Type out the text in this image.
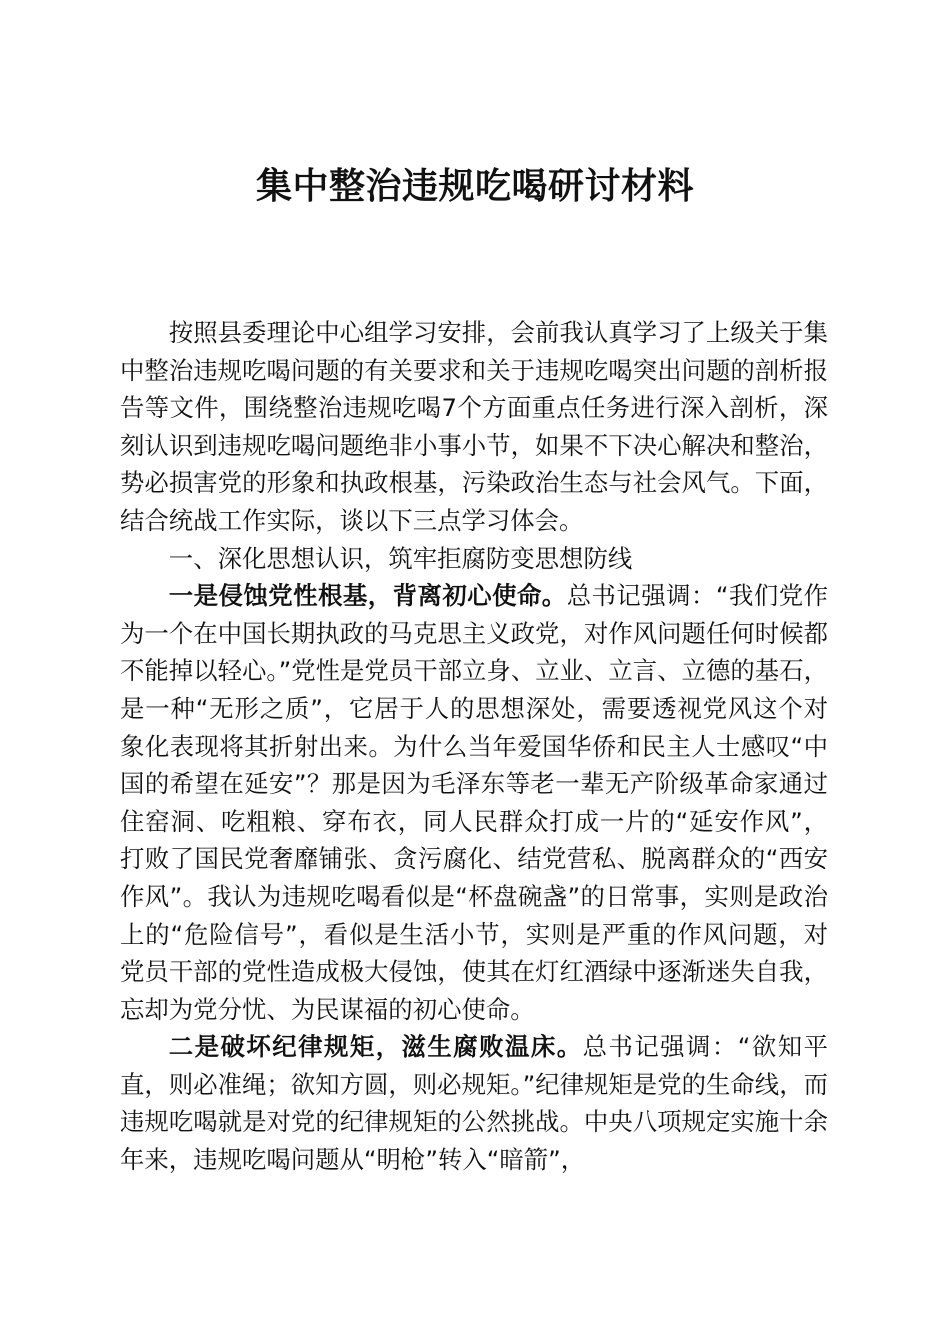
集中整治违规吃喝研讨材料

按照县委理论中心组学习安排，会前我认真学习了上级关于集中整治违规吃喝问题的有关要求和关于违规吃喝突出问题的剖析报告等文件，围绕整治违规吃喝7个方面重点任务进行深入剖析，深刻认识到违规吃喝问题绝非小事小节，如果不下决心解决和整治，势必损害党的形象和执政根基，污染政治生态与社会风气。下面，结合统战工作实际，谈以下三点学习体会。

一、深化思想认识，筑牢拒腐防变思想防线

一是侵蚀党性根基，背离初心使命。总书记强调：“我们党作为一个在中国长期执政的马克思主义政党，对作风问题任何时候都不能掉以轻心。”党性是党员干部立身、立业、立言、立德的基石，是一种“无形之质”，它居于人的思想深处，需要透视党风这个对象化表现将其折射出来。为什么当年爱国华侨和民主人士感叹“中国的希望在延安”？那是因为毛泽东等老一辈无产阶级革命家通过住窑洞、吃粗粮、穿布衣，同人民群众打成一片的“延安作风”，打败了国民党奢靡铺张、贪污腐化、结党营私、脱离群众的“西安作风”。我认为违规吃喝看似是“杯盘碗盏”的日常事，实则是政治上的“危险信号”，看似是生活小节，实则是严重的作风问题，对党员干部的党性造成极大侵蚀，使其在灯红酒绿中逐渐迷失自我，忘却为党分忧、为民谋福的初心使命。

二是破坏纪律规矩，滋生腐败温床。总书记强调：“欲知平直，则必准绳；欲知方圆，则必规矩。”纪律规矩是党的生命线，而违规吃喝就是对党的纪律规矩的公然挑战。中央八项规定实施十余年来，违规吃喝问题从“明枪”转入“暗箭”，
